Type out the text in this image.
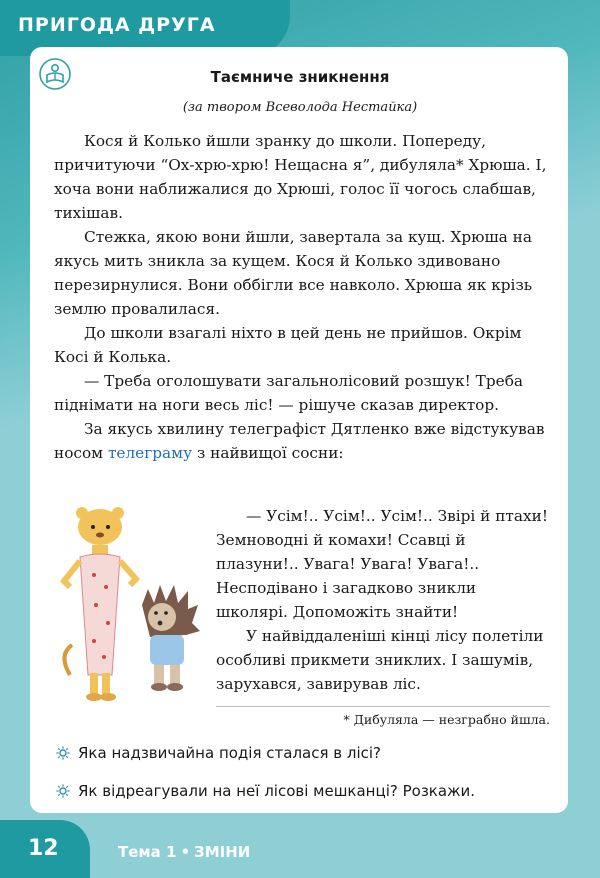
ПРИГОДА ДРУГА
Таємниче зникнення
(за твором Всеволода Нестайка)

Кося й Колько йшли зранку до школи. Попереду, причитуючи “Ох-хрю-хрю! Нещасна я”, дибуляла* Хрюша. І, хоча вони наближалися до Хрюші, голос її чогось слабшав, тихішав.

Стежка, якою вони йшли, завертала за кущ. Хрюша на якусь мить зникла за кущем. Кося й Колько здивовано перезирнулися. Вони оббігли все навколо. Хрюша як крізь землю провалилася.

До школи взагалі ніхто в цей день не прийшов. Окрім Косі й Колька.

— Треба оголошувати загальнолісовий розшук! Треба піднімати на ноги весь ліс! — рішуче сказав директор.

За якусь хвилину телеграфіст Дятленко вже відстукував носом телеграму з найвищої сосни:

— Усім!.. Усім!.. Усім!.. Звірі й птахи! Земноводні й комахи! Ссавці й плазуни!.. Увага! Увага! Увага!.. Несподівано і загадково зникли школярі. Допоможіть знайти!

У найвіддаленіші кінці лісу полетіли особливі прикмети зниклих. І зашумів, зарухався, завирував ліс.

* Дибуляла — незграбно йшла.
Яка надзвичайна подія сталася в лісі?
Як відреагували на неї лісові мешканці? Розкажи.
12	Тема 1 • ЗМІНИ
